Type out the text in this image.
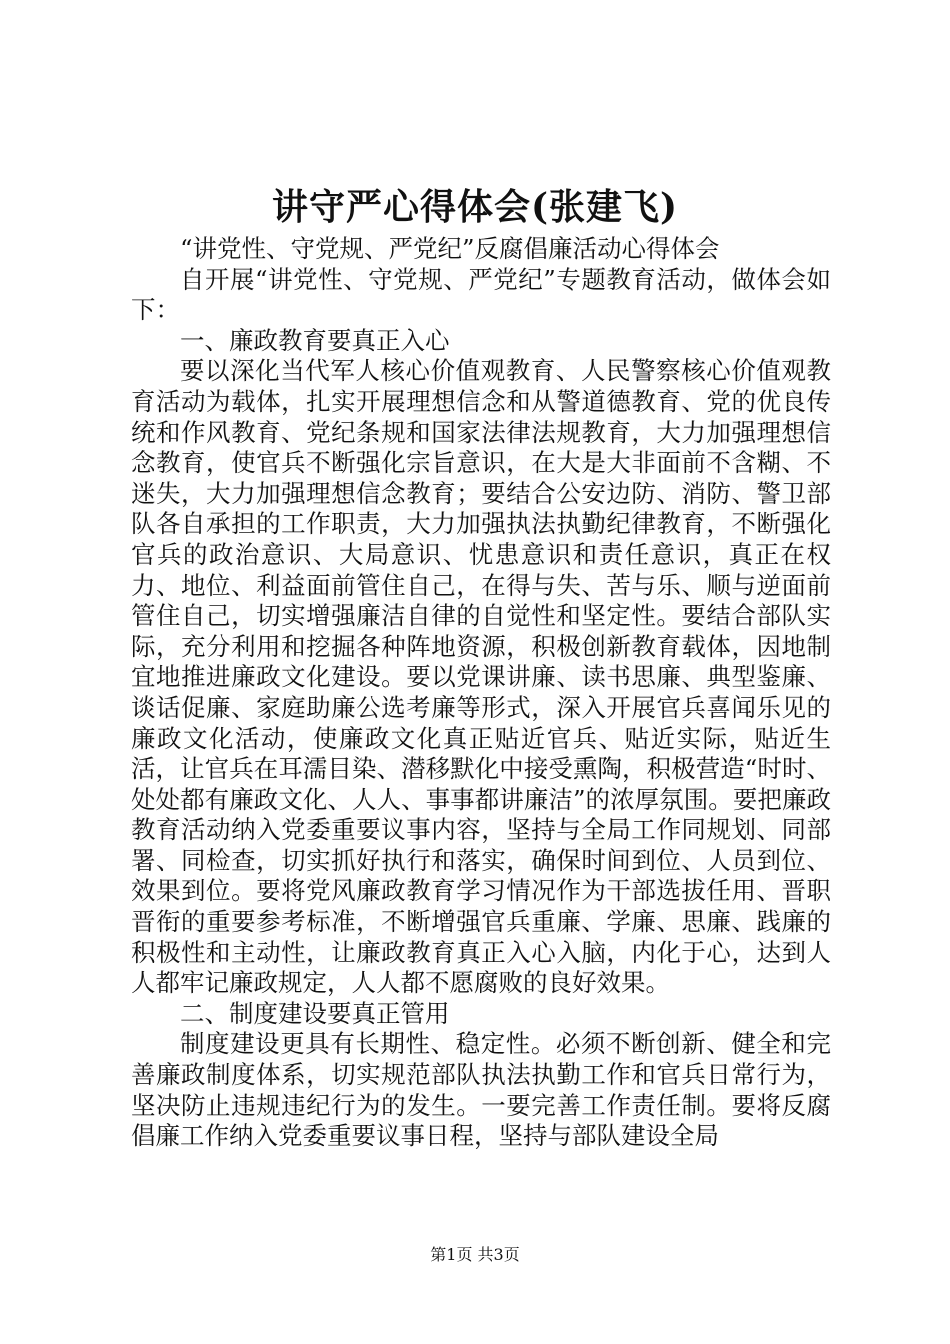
讲守严心得体会(张建飞)

“讲党性、守党规、严党纪”反腐倡廉活动心得体会

自开展“讲党性、守党规、严党纪”专题教育活动，做体会如下：

一、廉政教育要真正入心

要以深化当代军人核心价值观教育、人民警察核心价值观教育活动为载体，扎实开展理想信念和从警道德教育、党的优良传统和作风教育、党纪条规和国家法律法规教育，大力加强理想信念教育，使官兵不断强化宗旨意识，在大是大非面前不含糊、不迷失，大力加强理想信念教育；要结合公安边防、消防、警卫部队各自承担的工作职责，大力加强执法执勤纪律教育，不断强化官兵的政治意识、大局意识、忧患意识和责任意识，真正在权力、地位、利益面前管住自己，在得与失、苦与乐、顺与逆面前管住自己，切实增强廉洁自律的自觉性和坚定性。要结合部队实际，充分利用和挖掘各种阵地资源，积极创新教育载体，因地制宜地推进廉政文化建设。要以党课讲廉、读书思廉、典型鉴廉、谈话促廉、家庭助廉公选考廉等形式，深入开展官兵喜闻乐见的廉政文化活动，使廉政文化真正贴近官兵、贴近实际，贴近生活，让官兵在耳濡目染、潜移默化中接受熏陶，积极营造“时时、处处都有廉政文化、人人、事事都讲廉洁”的浓厚氛围。要把廉政教育活动纳入党委重要议事内容，坚持与全局工作同规划、同部署、同检查，切实抓好执行和落实，确保时间到位、人员到位、效果到位。要将党风廉政教育学习情况作为干部选拔任用、晋职晋衔的重要参考标准，不断增强官兵重廉、学廉、思廉、践廉的积极性和主动性，让廉政教育真正入心入脑，内化于心，达到人人都牢记廉政规定，人人都不愿腐败的良好效果。

二、制度建设要真正管用

制度建设更具有长期性、稳定性。必须不断创新、健全和完善廉政制度体系，切实规范部队执法执勤工作和官兵日常行为，坚决防止违规违纪行为的发生。一要完善工作责任制。要将反腐倡廉工作纳入党委重要议事日程，坚持与部队建设全局

第1页 共3页
